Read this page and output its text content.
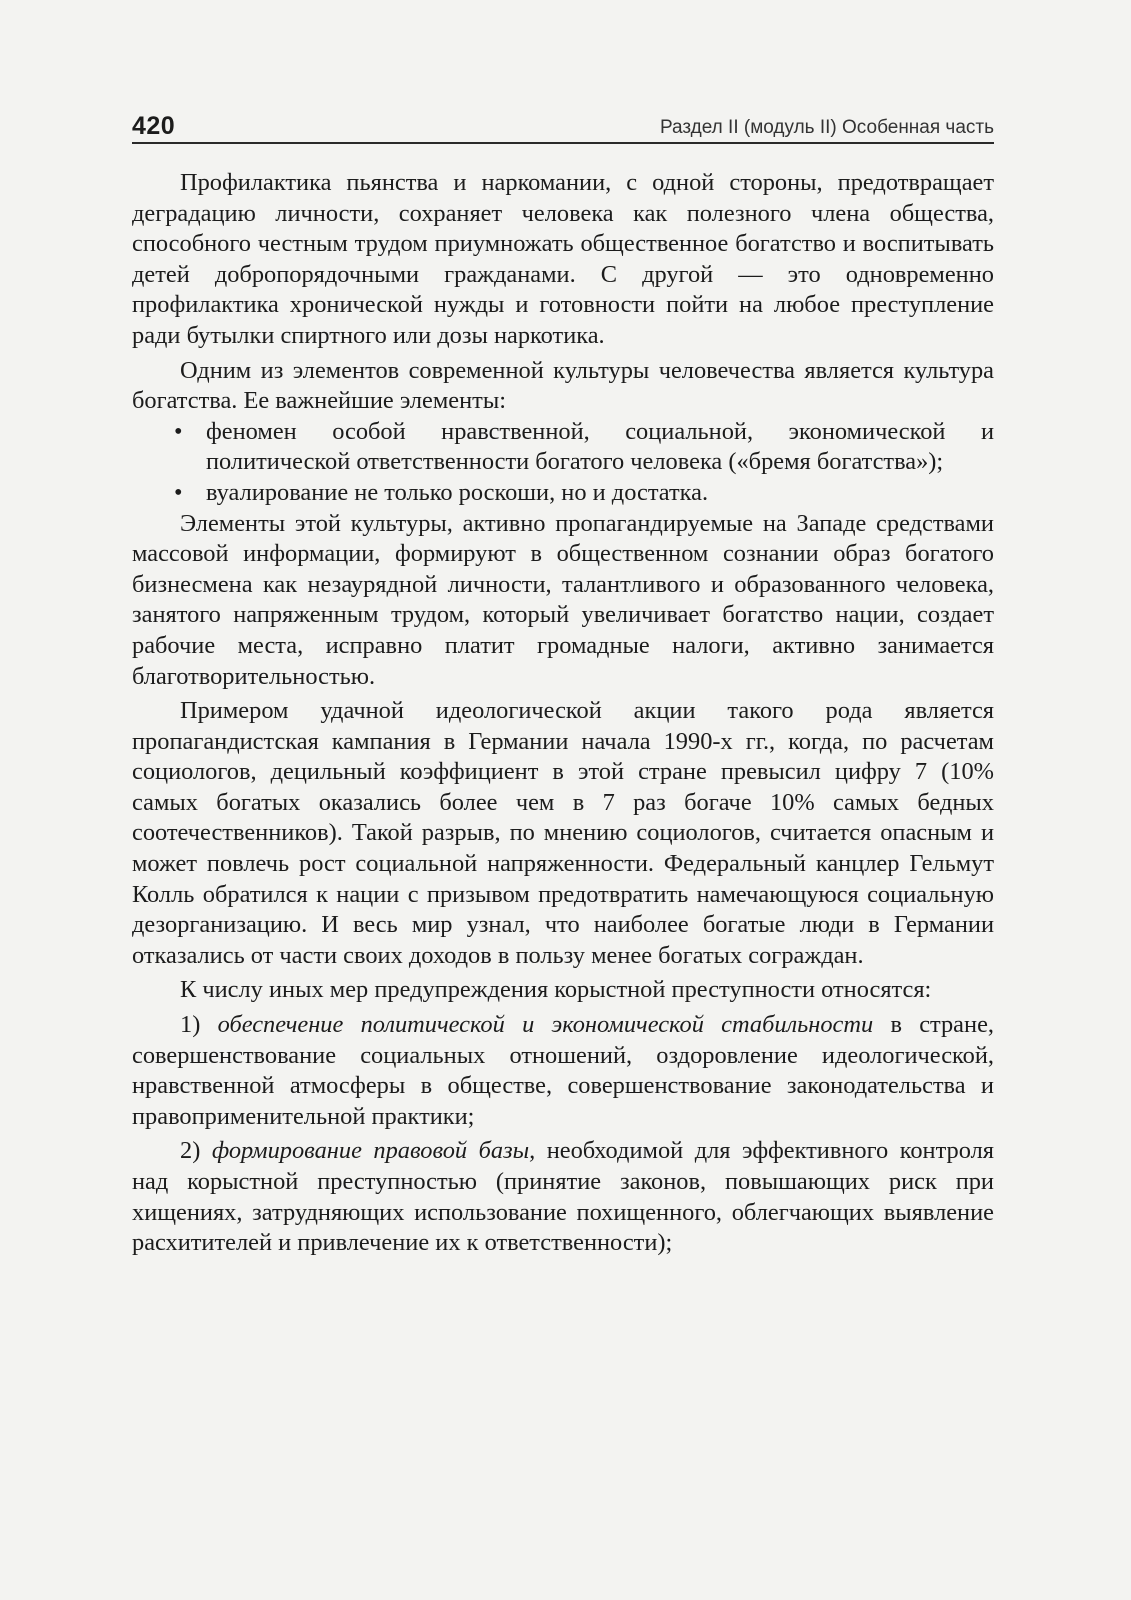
420	Раздел II (модуль II) Особенная часть

Профилактика пьянства и наркомании, с одной стороны, предотвращает деградацию личности, сохраняет человека как полезного члена общества, способного честным трудом приумножать общественное богатство и воспитывать детей добропорядочными гражданами. С другой — это одновременно профилактика хронической нужды и готовности пойти на любое преступление ради бутылки спиртного или дозы наркотика.

Одним из элементов современной культуры человечества является культура богатства. Ее важнейшие элементы:

• феномен особой нравственной, социальной, экономической и политической ответственности богатого человека («бремя богатства»);
• вуалирование не только роскоши, но и достатка.

Элементы этой культуры, активно пропагандируемые на Западе средствами массовой информации, формируют в общественном сознании образ богатого бизнесмена как незаурядной личности, талантливого и образованного человека, занятого напряженным трудом, который увеличивает богатство нации, создает рабочие места, исправно платит громадные налоги, активно занимается благотворительностью.

Примером удачной идеологической акции такого рода является пропагандистская кампания в Германии начала 1990-х гг., когда, по расчетам социологов, децильный коэффициент в этой стране превысил цифру 7 (10% самых богатых оказались более чем в 7 раз богаче 10% самых бедных соотечественников). Такой разрыв, по мнению социологов, считается опасным и может повлечь рост социальной напряженности. Федеральный канцлер Гельмут Колль обратился к нации с призывом предотвратить намечающуюся социальную дезорганизацию. И весь мир узнал, что наиболее богатые люди в Германии отказались от части своих доходов в пользу менее богатых сограждан.

К числу иных мер предупреждения корыстной преступности относятся:

1) обеспечение политической и экономической стабильности в стране, совершенствование социальных отношений, оздоровление идеологической, нравственной атмосферы в обществе, совершенствование законодательства и правоприменительной практики;

2) формирование правовой базы, необходимой для эффективного контроля над корыстной преступностью (принятие законов, повышающих риск при хищениях, затрудняющих использование похищенного, облегчающих выявление расхитителей и привлечение их к ответственности);
